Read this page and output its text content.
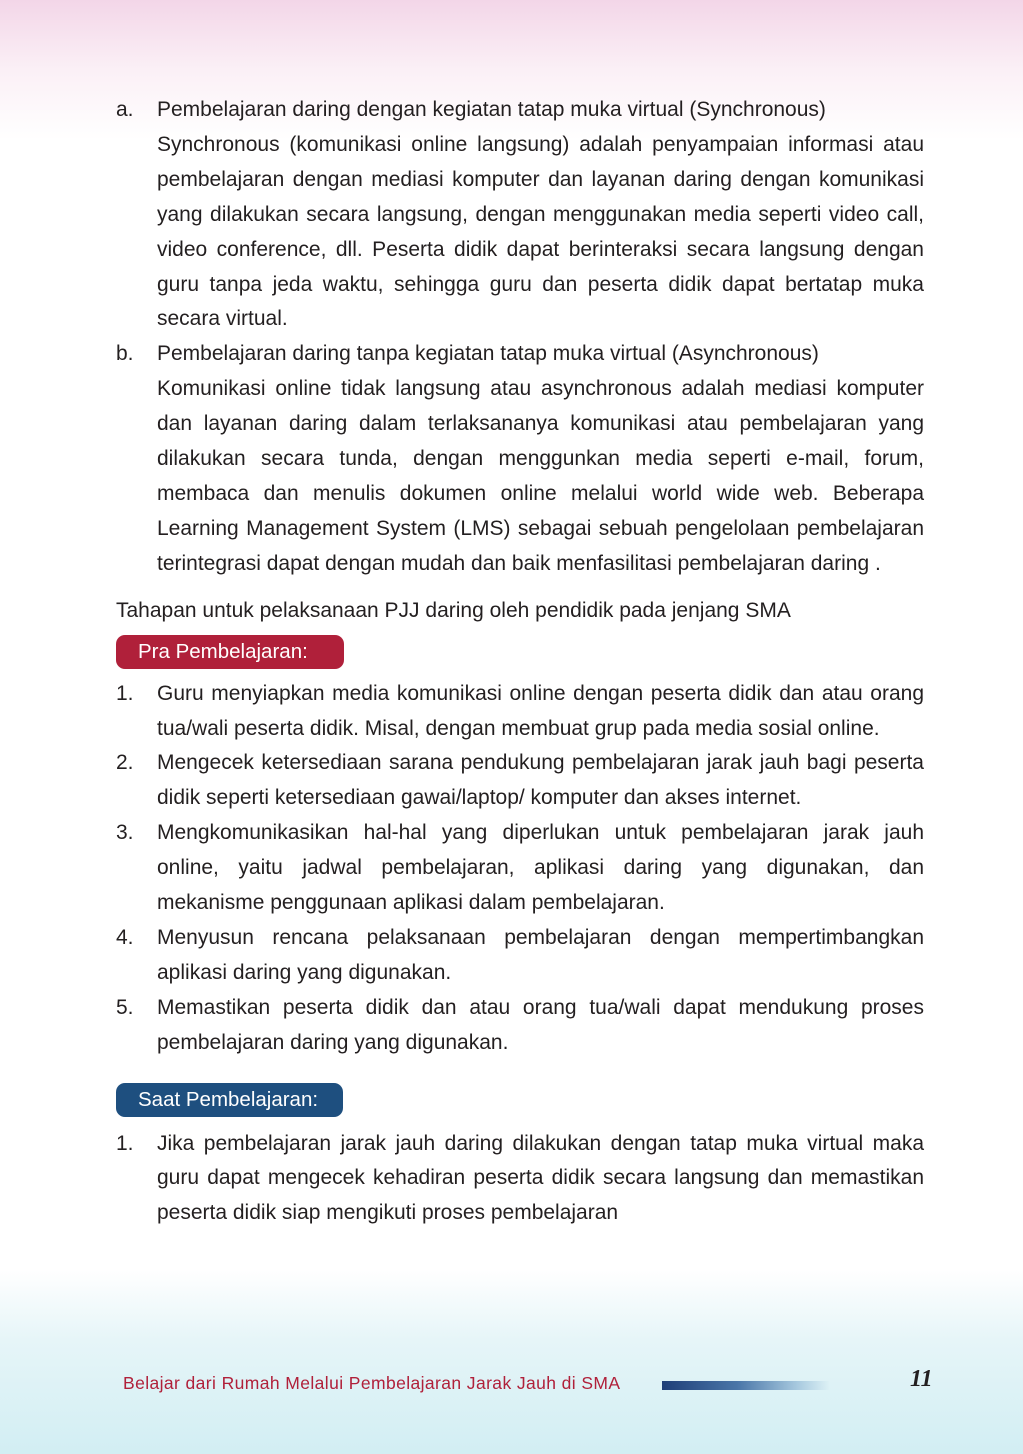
a.	Pembelajaran daring dengan kegiatan tatap muka virtual (Synchronous)

Synchronous (komunikasi online langsung) adalah penyampaian informasi atau pembelajaran dengan mediasi komputer dan layanan daring dengan komunikasi yang dilakukan secara langsung, dengan menggunakan media seperti video call, video conference, dll. Peserta didik dapat berinteraksi secara langsung dengan guru tanpa jeda waktu, sehingga guru dan peserta didik dapat bertatap muka secara virtual.

b.	Pembelajaran daring tanpa kegiatan tatap muka virtual (Asynchronous)

Komunikasi online tidak langsung atau asynchronous adalah mediasi komputer dan layanan daring dalam terlaksananya komunikasi atau pembelajaran yang dilakukan secara tunda, dengan menggunkan media seperti e-mail, forum, membaca dan menulis dokumen online melalui world wide web. Beberapa Learning Management System (LMS) sebagai sebuah pengelolaan pembelajaran terintegrasi dapat dengan mudah dan baik menfasilitasi pembelajaran daring .

Tahapan untuk pelaksanaan PJJ daring oleh pendidik pada jenjang SMA

Pra Pembelajaran:
1.	Guru menyiapkan media komunikasi online dengan peserta didik dan atau orang tua/wali peserta didik. Misal, dengan membuat grup pada media sosial online.
2.	Mengecek ketersediaan sarana pendukung pembelajaran jarak jauh bagi peserta didik seperti ketersediaan gawai/laptop/ komputer dan akses internet.
3.	Mengkomunikasikan hal-hal yang diperlukan untuk pembelajaran jarak jauh online, yaitu jadwal pembelajaran, aplikasi daring yang digunakan, dan mekanisme penggunaan aplikasi dalam pembelajaran.
4.	Menyusun rencana pelaksanaan pembelajaran dengan mempertimbangkan aplikasi daring yang digunakan.
5.	Memastikan peserta didik dan atau orang tua/wali dapat mendukung proses pembelajaran daring yang digunakan.
Saat Pembelajaran:
1.	Jika pembelajaran jarak jauh daring dilakukan dengan tatap muka virtual maka guru dapat mengecek kehadiran peserta didik secara langsung dan memastikan peserta didik siap mengikuti proses pembelajaran
Belajar dari Rumah Melalui Pembelajaran Jarak Jauh di SMA	11
